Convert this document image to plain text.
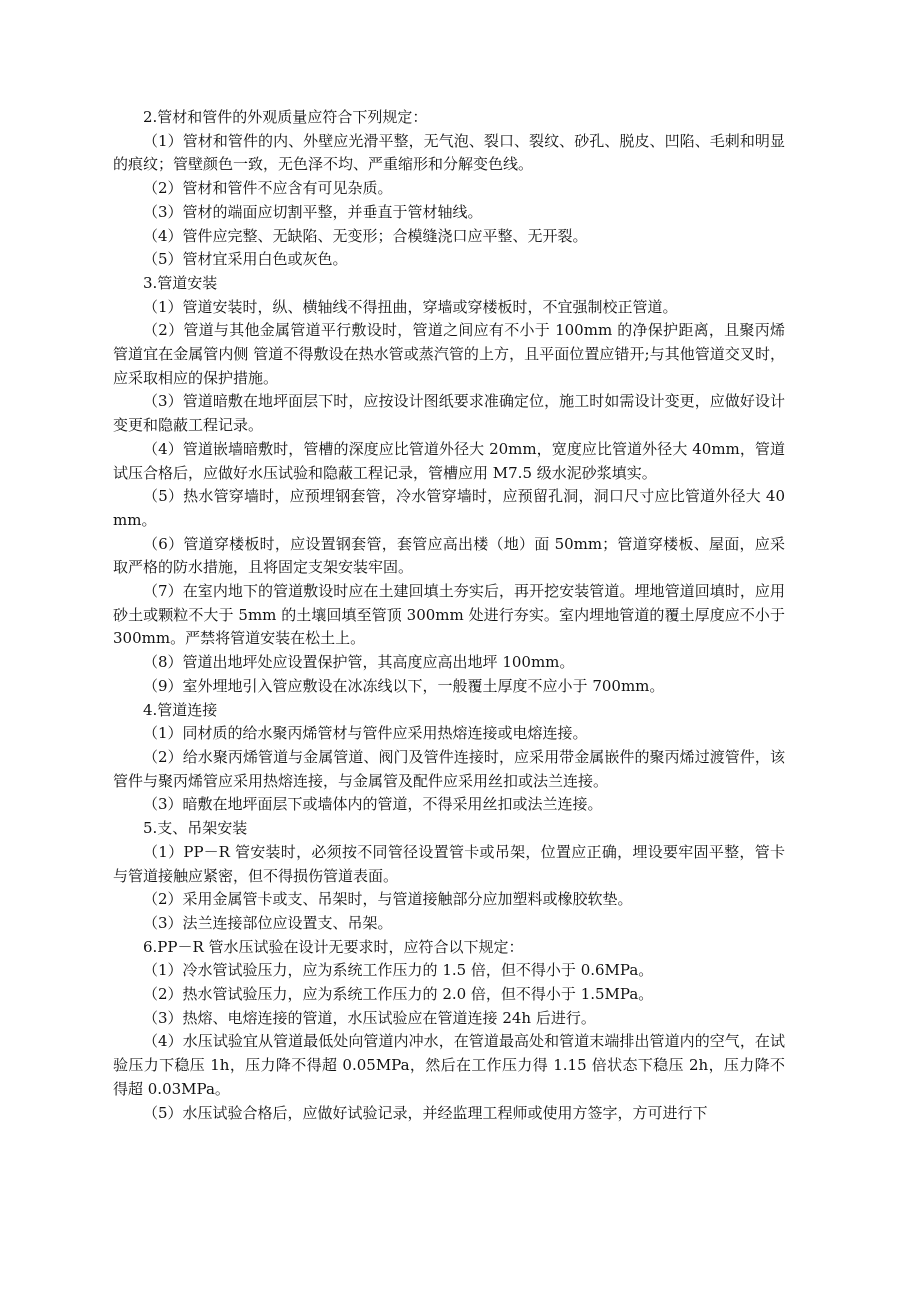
2.管材和管件的外观质量应符合下列规定：

（1）管材和管件的内、外壁应光滑平整，无气泡、裂口、裂纹、砂孔、脱皮、凹陷、毛刺和明显的痕纹；管壁颜色一致，无色泽不均、严重缩形和分解变色线。

（2）管材和管件不应含有可见杂质。

（3）管材的端面应切割平整，并垂直于管材轴线。

（4）管件应完整、无缺陷、无变形；合模缝浇口应平整、无开裂。

（5）管材宜采用白色或灰色。

3.管道安装

（1）管道安装时，纵、横轴线不得扭曲，穿墙或穿楼板时，不宜强制校正管道。

（2）管道与其他金属管道平行敷设时，管道之间应有不小于 100mm 的净保护距离，且聚丙烯管道宜在金属管内侧 管道不得敷设在热水管或蒸汽管的上方，且平面位置应错开;与其他管道交叉时，应采取相应的保护措施。

（3）管道暗敷在地坪面层下时，应按设计图纸要求准确定位，施工时如需设计变更，应做好设计变更和隐蔽工程记录。

（4）管道嵌墙暗敷时，管槽的深度应比管道外径大 20mm，宽度应比管道外径大 40mm，管道试压合格后，应做好水压试验和隐蔽工程记录，管槽应用 M7.5 级水泥砂浆填实。

（5）热水管穿墙时，应预埋钢套管，冷水管穿墙时，应预留孔洞，洞口尺寸应比管道外径大 40mm。

（6）管道穿楼板时，应设置钢套管，套管应高出楼（地）面 50mm；管道穿楼板、屋面，应采取严格的防水措施，且将固定支架安装牢固。

（7）在室内地下的管道敷设时应在土建回填土夯实后，再开挖安装管道。埋地管道回填时，应用砂土或颗粒不大于 5mm 的土壤回填至管顶 300mm 处进行夯实。室内埋地管道的覆土厚度应不小于 300mm。严禁将管道安装在松土上。

（8）管道出地坪处应设置保护管，其高度应高出地坪 100mm。

（9）室外埋地引入管应敷设在冰冻线以下，一般覆土厚度不应小于 700mm。

4.管道连接

（1）同材质的给水聚丙烯管材与管件应采用热熔连接或电熔连接。

（2）给水聚丙烯管道与金属管道、阀门及管件连接时，应采用带金属嵌件的聚丙烯过渡管件，该管件与聚丙烯管应采用热熔连接，与金属管及配件应采用丝扣或法兰连接。

（3）暗敷在地坪面层下或墙体内的管道，不得采用丝扣或法兰连接。

5.支、吊架安装

（1）PP－R 管安装时，必须按不同管径设置管卡或吊架，位置应正确，埋设要牢固平整，管卡与管道接触应紧密，但不得损伤管道表面。

（2）采用金属管卡或支、吊架时，与管道接触部分应加塑料或橡胶软垫。

（3）法兰连接部位应设置支、吊架。

6.PP－R 管水压试验在设计无要求时，应符合以下规定：

（1）冷水管试验压力，应为系统工作压力的 1.5 倍，但不得小于 0.6MPa。

（2）热水管试验压力，应为系统工作压力的 2.0 倍，但不得小于 1.5MPa。

（3）热熔、电熔连接的管道，水压试验应在管道连接 24h 后进行。

（4）水压试验宜从管道最低处向管道内冲水，在管道最高处和管道末端排出管道内的空气，在试验压力下稳压 1h，压力降不得超 0.05MPa，然后在工作压力得 1.15 倍状态下稳压 2h，压力降不得超 0.03MPa。

（5）水压试验合格后，应做好试验记录，并经监理工程师或使用方签字，方可进行下
